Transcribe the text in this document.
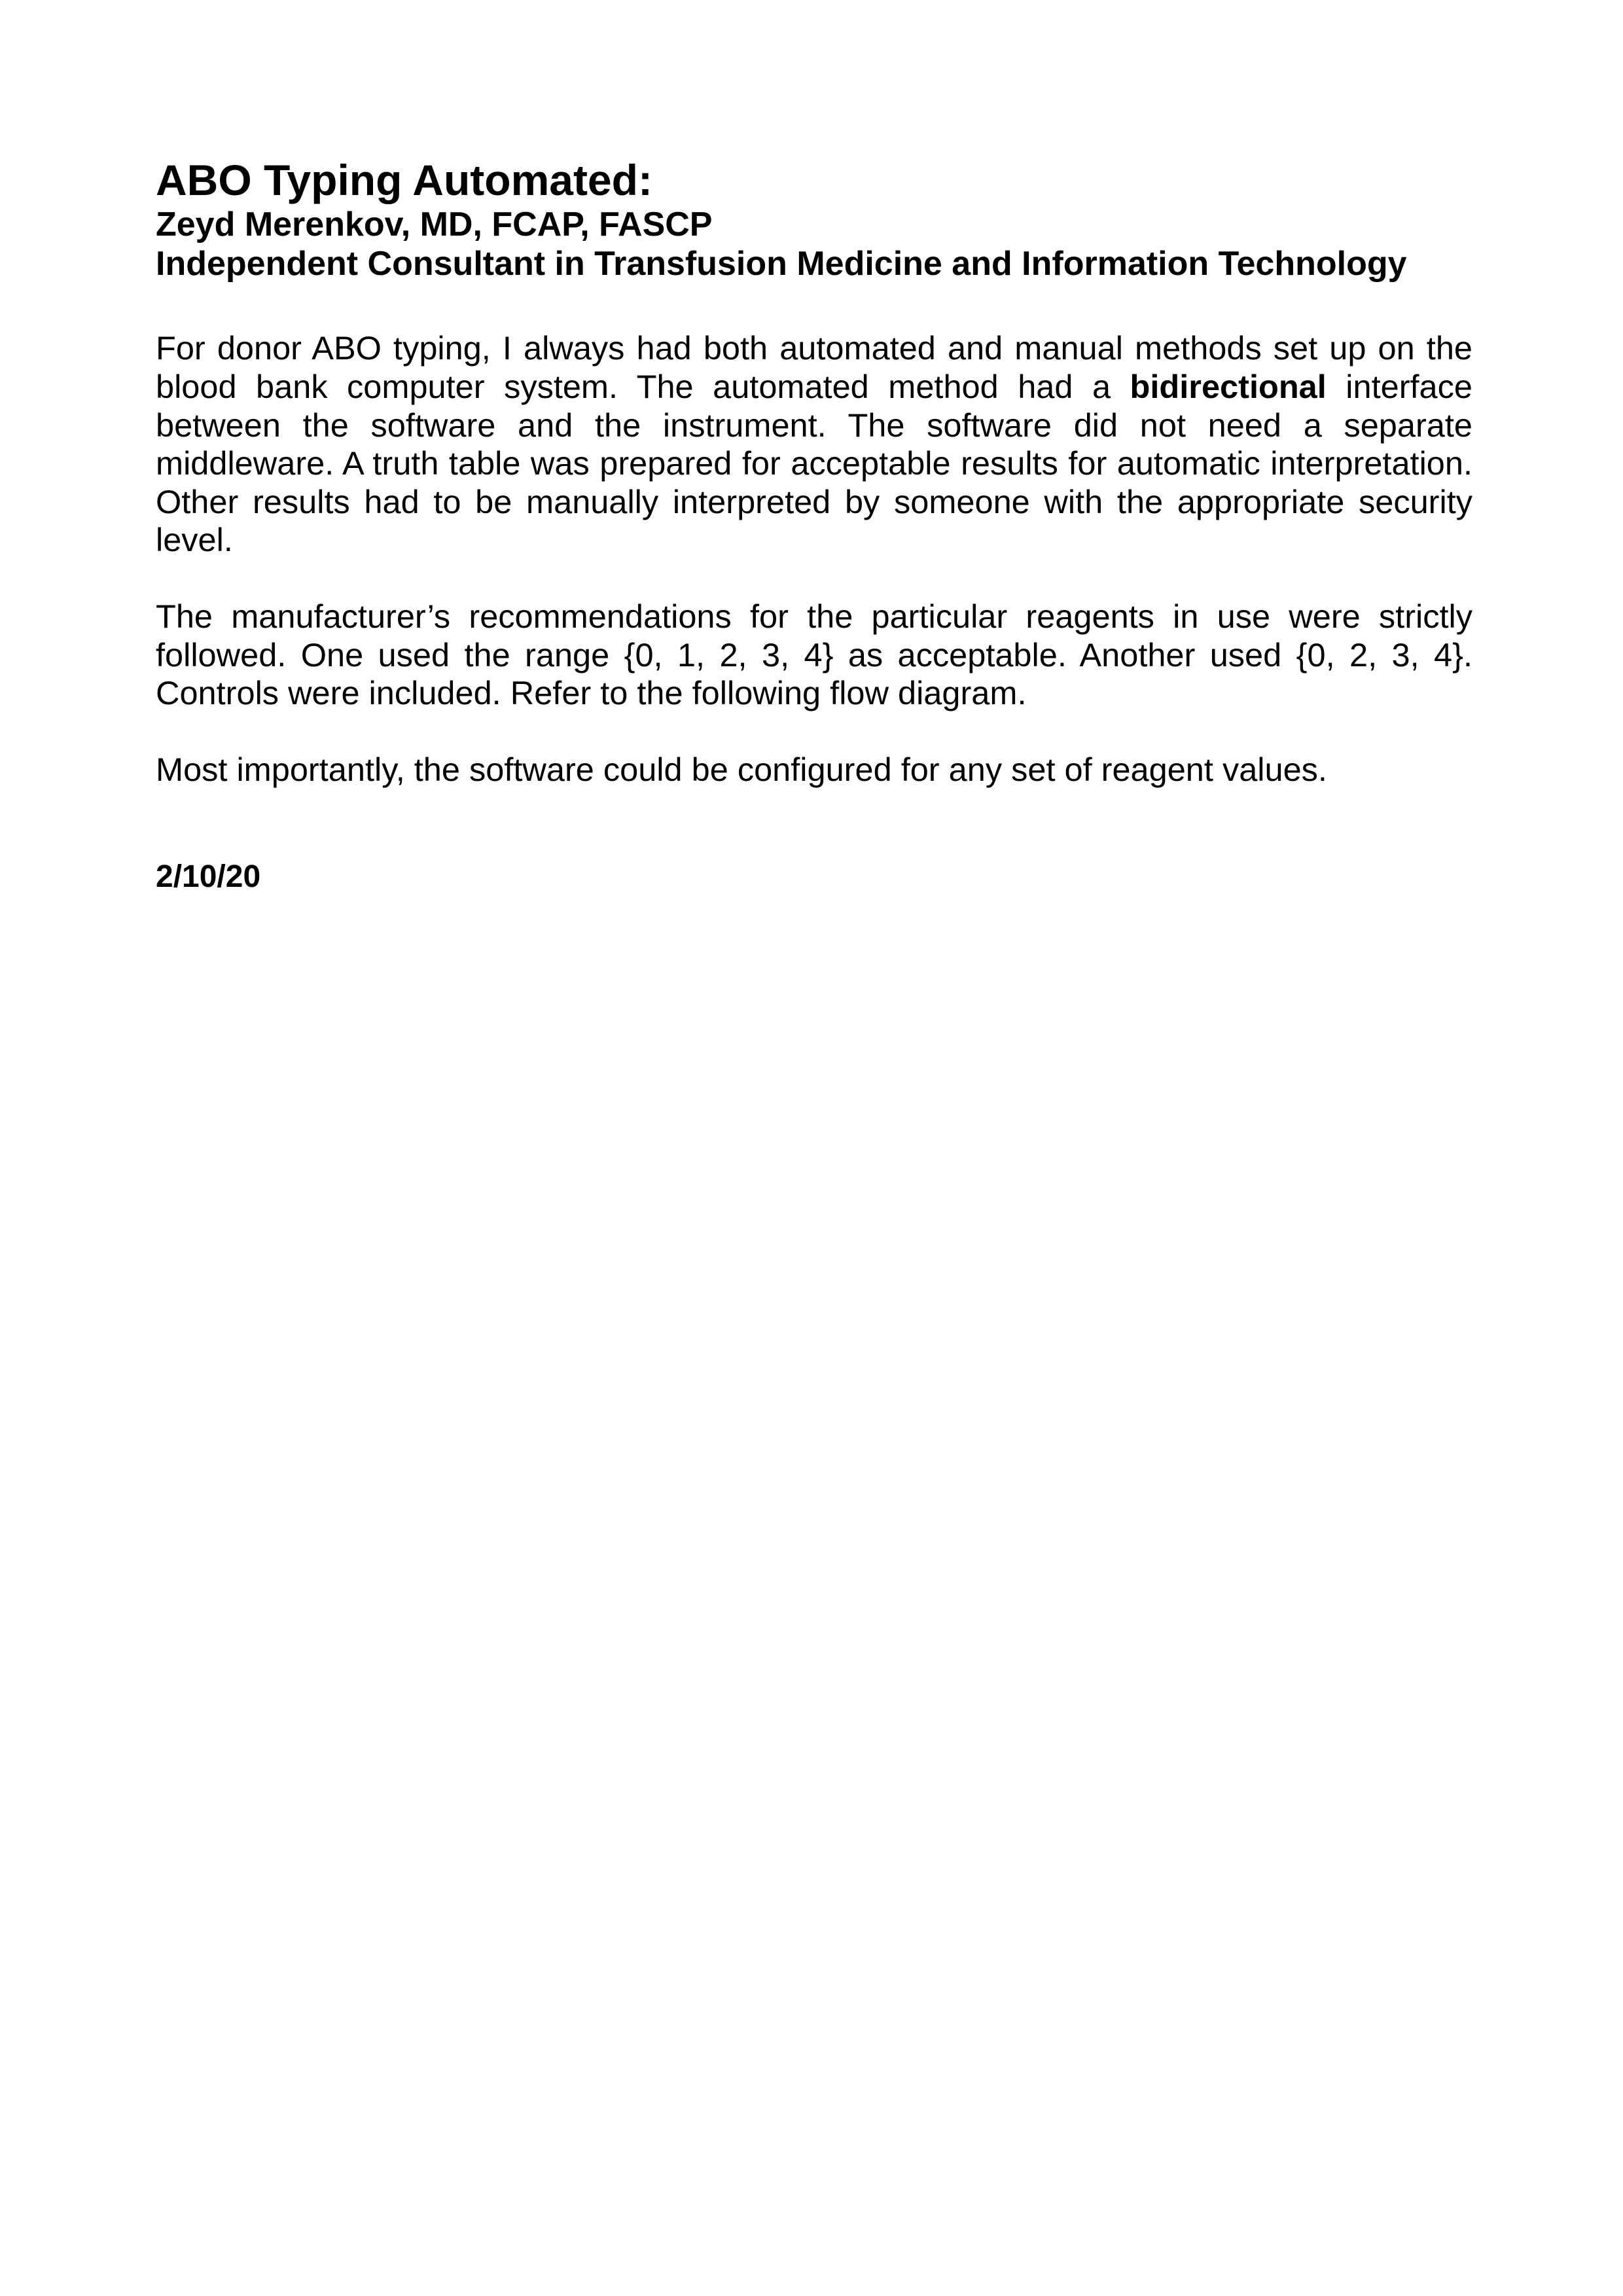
ABO Typing Automated:

Zeyd Merenkov, MD, FCAP, FASCP

Independent Consultant in Transfusion Medicine and Information Technology

For donor ABO typing, I always had both automated and manual methods set up on the blood bank computer system. The automated method had a bidirectional interface between the software and the instrument. The software did not need a separate middleware. A truth table was prepared for acceptable results for automatic interpretation. Other results had to be manually interpreted by someone with the appropriate security level.

The manufacturer’s recommendations for the particular reagents in use were strictly followed. One used the range {0, 1, 2, 3, 4} as acceptable. Another used {0, 2, 3, 4}. Controls were included. Refer to the following flow diagram.

Most importantly, the software could be configured for any set of reagent values.

2/10/20
